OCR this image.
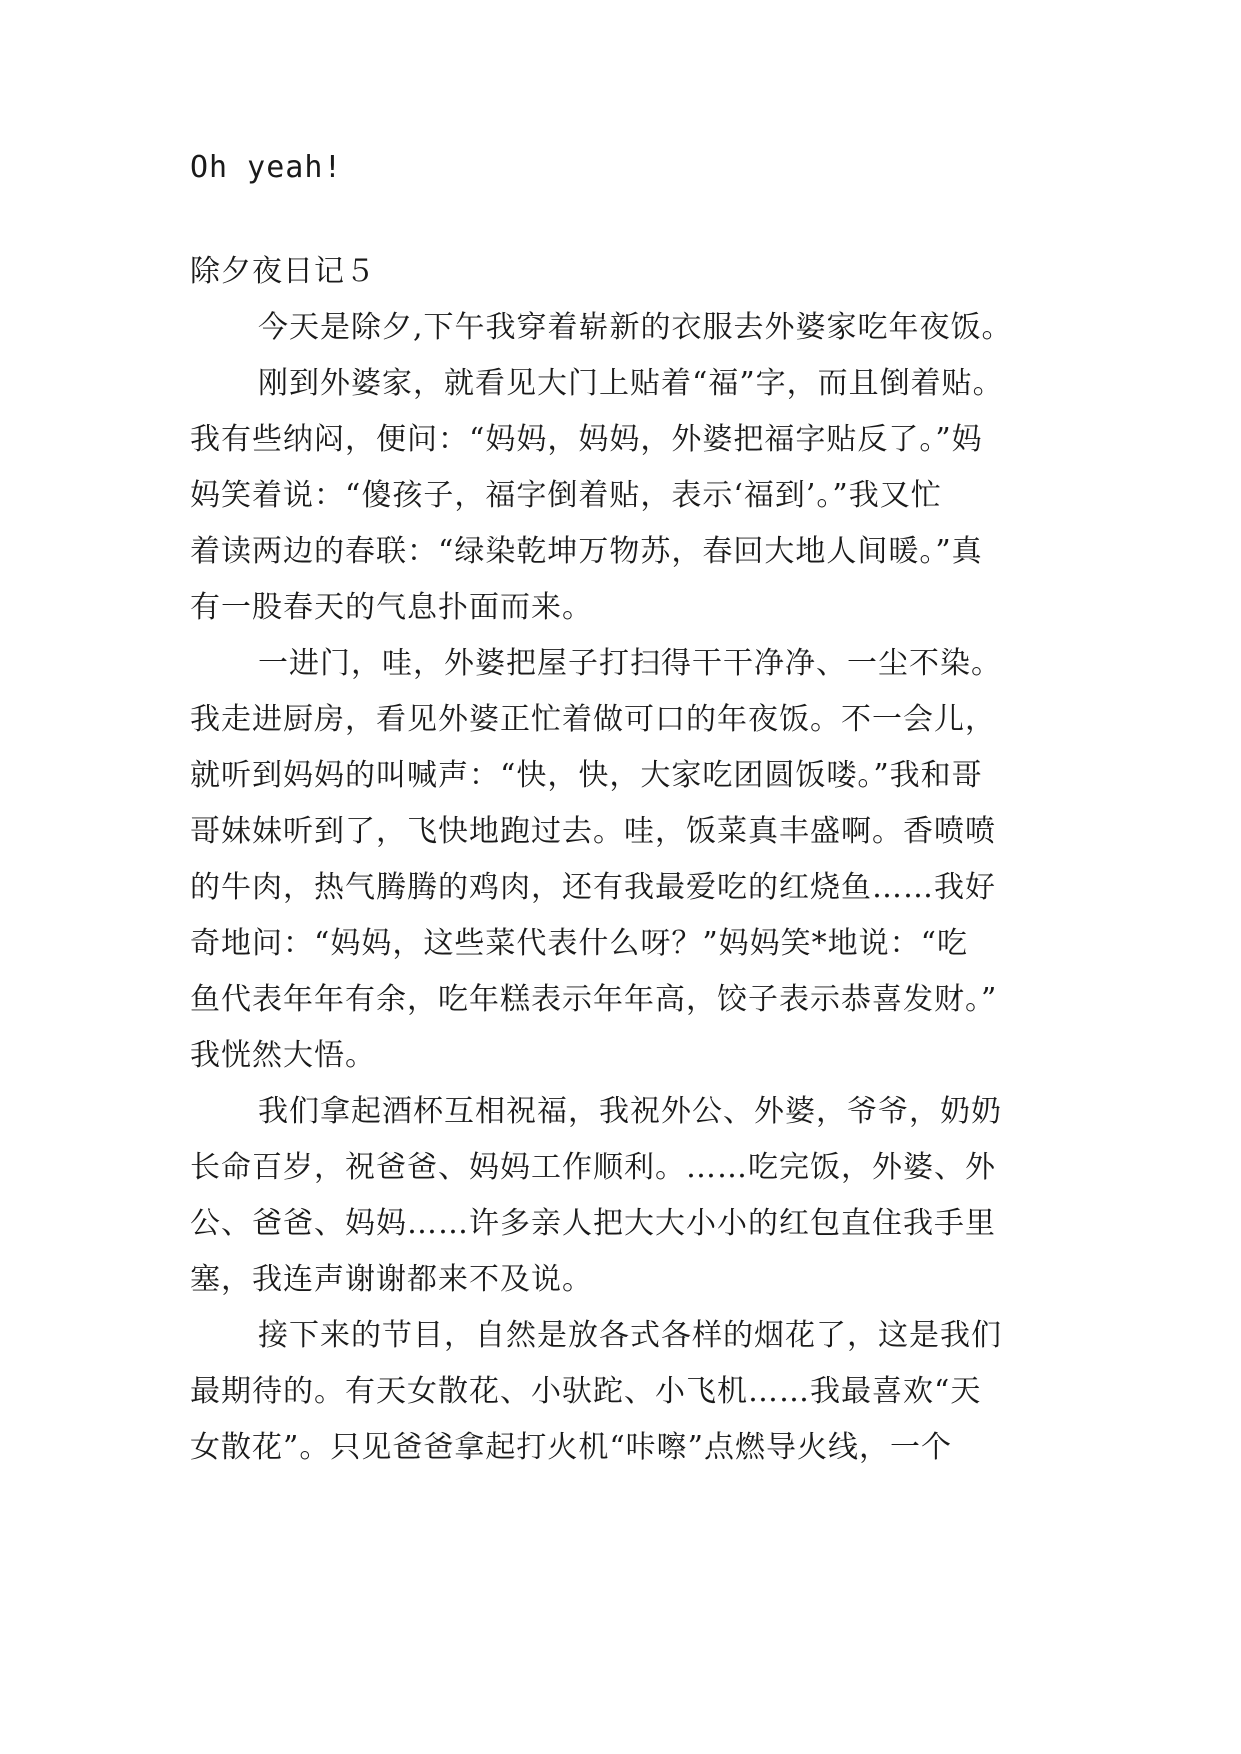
Oh yeah!
除夕夜日记５
今天是除夕,下午我穿着崭新的衣服去外婆家吃年夜饭。
刚到外婆家，就看见大门上贴着“福”字，而且倒着贴。
我有些纳闷，便问：“妈妈，妈妈，外婆把福字贴反了。”妈
妈笑着说：“傻孩子，福字倒着贴，表示‘福到’。”我又忙
着读两边的春联：“绿染乾坤万物苏，春回大地人间暖。”真
有一股春天的气息扑面而来。
一进门，哇，外婆把屋子打扫得干干净净、一尘不染。
我走进厨房，看见外婆正忙着做可口的年夜饭。不一会儿，
就听到妈妈的叫喊声：“快，快，大家吃团圆饭喽。”我和哥
哥妹妹听到了，飞快地跑过去。哇，饭菜真丰盛啊。香喷喷
的牛肉，热气腾腾的鸡肉，还有我最爱吃的红烧鱼……我好
奇地问：“妈妈，这些菜代表什么呀？”妈妈笑*地说：“吃
鱼代表年年有余，吃年糕表示年年高，饺子表示恭喜发财。”
我恍然大悟。
我们拿起酒杯互相祝福，我祝外公、外婆，爷爷，奶奶
长命百岁，祝爸爸、妈妈工作顺利。……吃完饭，外婆、外
公、爸爸、妈妈……许多亲人把大大小小的红包直住我手里
塞，我连声谢谢都来不及说。
接下来的节目，自然是放各式各样的烟花了，这是我们
最期待的。有天女散花、小驮跎、小飞机……我最喜欢“天
女散花”。只见爸爸拿起打火机“咔嚓”点燃导火线，一个
